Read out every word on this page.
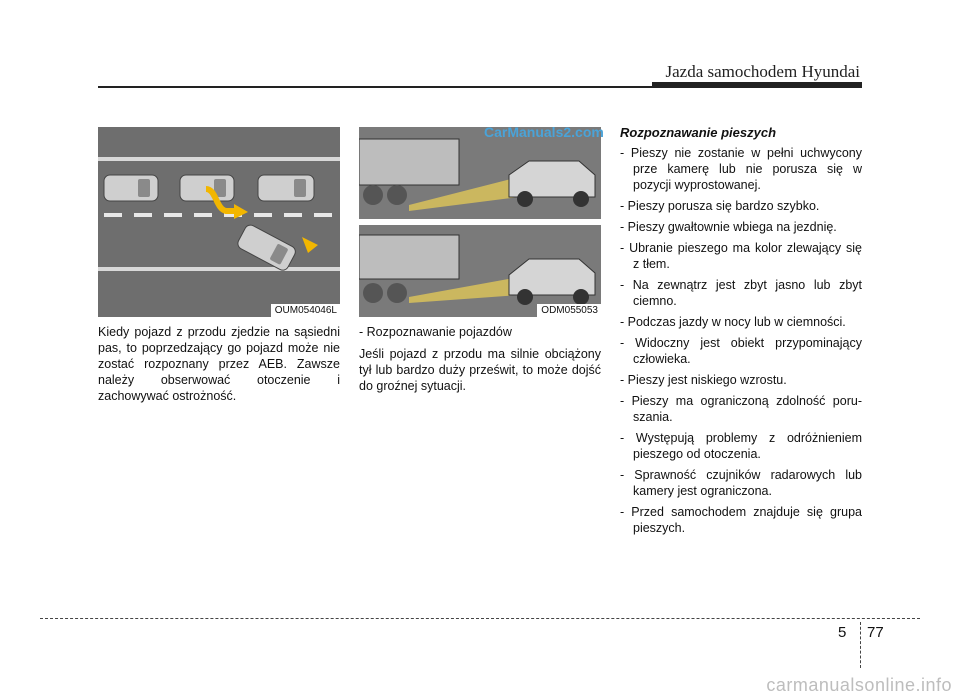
Jazda samochodem Hyundai
OUM054046L	ODM055053
CarManuals2.com

Kiedy pojazd z przodu zjedzie na sąsiedni pas, to poprzedzający go pojazd może nie zostać rozpoznany przez AEB. Zawsze należy obserwować otoczenie i zachowywać ostrożność.

- Rozpoznawanie pojazdów

Jeśli pojazd z przodu ma silnie obciążony tył lub bardzo duży prześwit, to może dojść do groźnej sytuacji.

Rozpoznawanie pieszych
- Pieszy nie zostanie w pełni uchwycony prze kamerę lub nie porusza się w pozycji wyprostowanej.
- Pieszy porusza się bardzo szybko.
- Pieszy gwałtownie wbiega na jezdnię.
- Ubranie pieszego ma kolor zlewający się z tłem.
- Na zewnątrz jest zbyt jasno lub zbyt ciemno.
- Podczas jazdy w nocy lub w ciemności.
- Widoczny jest obiekt przypominający człowieka.
- Pieszy jest niskiego wzrostu.
- Pieszy ma ograniczoną zdolność poruszania.
- Występują problemy z odróżnieniem pieszego od otoczenia.
- Sprawność czujników radarowych lub kamery jest ograniczona.
- Przed samochodem znajduje się grupa pieszych.
5 77
carmanualsonline.info
